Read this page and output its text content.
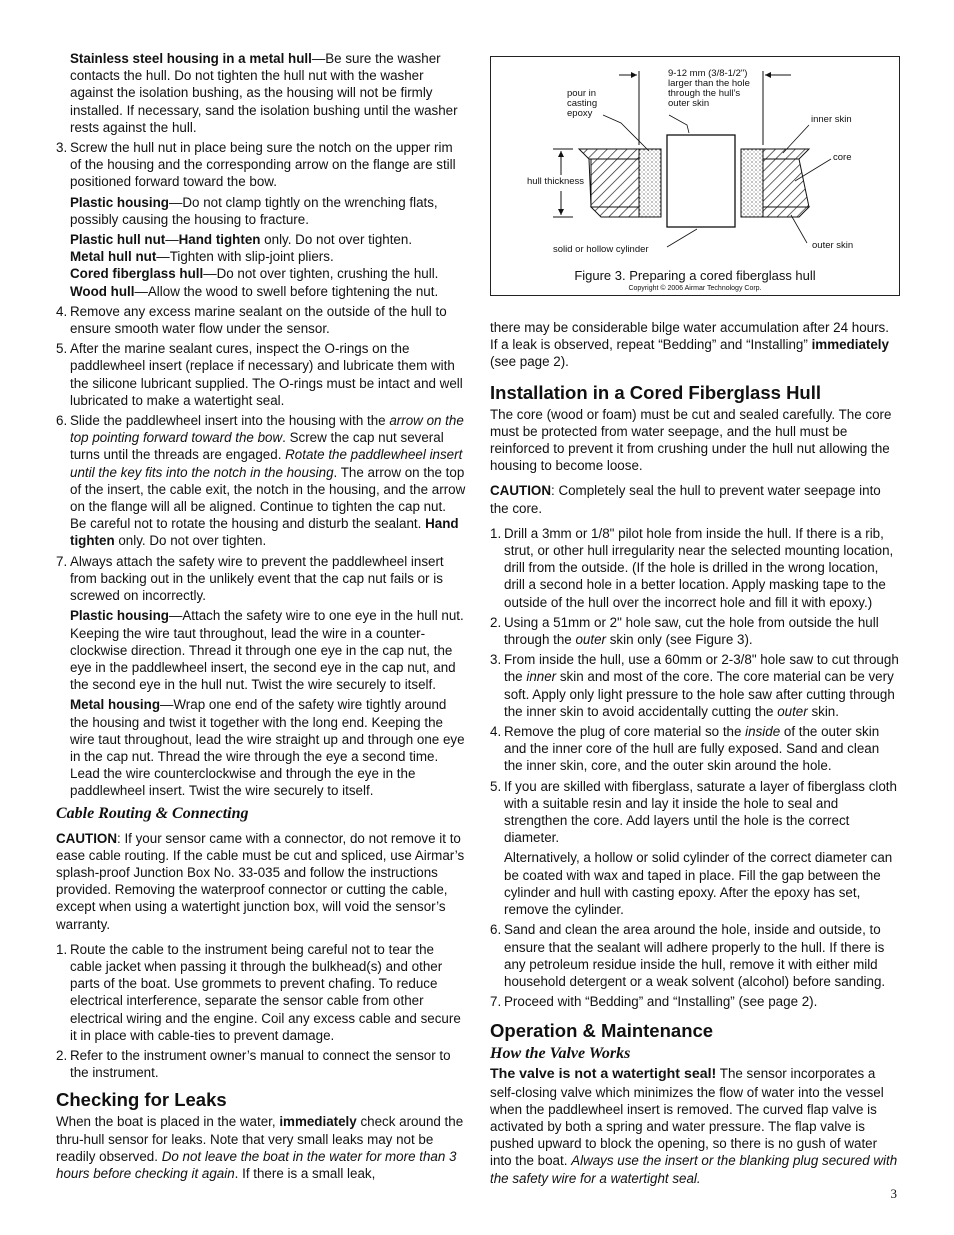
Stainless steel housing in a metal hull—Be sure the washer contacts the hull. Do not tighten the hull nut with the washer against the isolation bushing, as the housing will not be firmly installed. If necessary, sand the isolation bushing until the washer rests against the hull.

3. Screw the hull nut in place being sure the notch on the upper rim of the housing and the corresponding arrow on the flange are still positioned forward toward the bow.

Plastic housing—Do not clamp tightly on the wrenching flats, possibly causing the housing to fracture.

Plastic hull nut—Hand tighten only. Do not over tighten.

Metal hull nut—Tighten with slip-joint pliers.

Cored fiberglass hull—Do not over tighten, crushing the hull.

Wood hull—Allow the wood to swell before tightening the nut.

4. Remove any excess marine sealant on the outside of the hull to ensure smooth water flow under the sensor.
5. After the marine sealant cures, inspect the O-rings on the paddlewheel insert (replace if necessary) and lubricate them with the silicone lubricant supplied. The O-rings must be intact and well lubricated to make a watertight seal.
6. Slide the paddlewheel insert into the housing with the arrow on the top pointing forward toward the bow. Screw the cap nut several turns until the threads are engaged. Rotate the paddlewheel insert until the key fits into the notch in the housing. The arrow on the top of the insert, the cable exit, the notch in the housing, and the arrow on the flange will all be aligned. Continue to tighten the cap nut. Be careful not to rotate the housing and disturb the sealant. Hand tighten only. Do not over tighten.
7. Always attach the safety wire to prevent the paddlewheel insert from backing out in the unlikely event that the cap nut fails or is screwed on incorrectly.

Plastic housing—Attach the safety wire to one eye in the hull nut. Keeping the wire taut throughout, lead the wire in a counter-clockwise direction. Thread it through one eye in the cap nut, the eye in the paddlewheel insert, the second eye in the cap nut, and the second eye in the hull nut. Twist the wire securely to itself.

Metal housing—Wrap one end of the safety wire tightly around the housing and twist it together with the long end. Keeping the wire taut throughout, lead the wire straight up and through one eye in the cap nut. Thread the wire through the eye a second time. Lead the wire counterclockwise and through the eye in the paddlewheel insert. Twist the wire securely to itself.

Cable Routing & Connecting

CAUTION: If your sensor came with a connector, do not remove it to ease cable routing. If the cable must be cut and spliced, use Airmar’s splash-proof Junction Box No. 33-035 and follow the instructions provided. Removing the waterproof connector or cutting the cable, except when using a watertight junction box, will void the sensor’s warranty.

1. Route the cable to the instrument being careful not to tear the cable jacket when passing it through the bulkhead(s) and other parts of the boat. Use grommets to prevent chafing. To reduce electrical interference, separate the sensor cable from other electrical wiring and the engine. Coil any excess cable and secure it in place with cable-ties to prevent damage.
2. Refer to the instrument owner’s manual to connect the sensor to the instrument.
Checking for Leaks

When the boat is placed in the water, immediately check around the thru-hull sensor for leaks. Note that very small leaks may not be readily observed. Do not leave the boat in the water for more than 3 hours before checking it again. If there is a small leak,

pour in casting epoxy
9-12 mm (3/8-1/2") larger than the hole through the hull’s outer skin
inner skin
core
hull thickness
solid or hollow cylinder	outer skin
Figure 3. Preparing a cored fiberglass hull
Copyright © 2006 Airmar Technology Corp.

there may be considerable bilge water accumulation after 24 hours. If a leak is observed, repeat “Bedding” and “Installing” immediately (see page 2).

Installation in a Cored Fiberglass Hull

The core (wood or foam) must be cut and sealed carefully. The core must be protected from water seepage, and the hull must be reinforced to prevent it from crushing under the hull nut allowing the housing to become loose.

CAUTION: Completely seal the hull to prevent water seepage into the core.

1. Drill a 3mm or 1/8" pilot hole from inside the hull. If there is a rib, strut, or other hull irregularity near the selected mounting location, drill from the outside. (If the hole is drilled in the wrong location, drill a second hole in a better location. Apply masking tape to the outside of the hull over the incorrect hole and fill it with epoxy.)
2. Using a 51mm or 2" hole saw, cut the hole from outside the hull through the outer skin only (see Figure 3).
3. From inside the hull, use a 60mm or 2-3/8" hole saw to cut through the inner skin and most of the core. The core material can be very soft. Apply only light pressure to the hole saw after cutting through the inner skin to avoid accidentally cutting the outer skin.
4. Remove the plug of core material so the inside of the outer skin and the inner core of the hull are fully exposed. Sand and clean the inner skin, core, and the outer skin around the hole.
5. If you are skilled with fiberglass, saturate a layer of fiberglass cloth with a suitable resin and lay it inside the hole to seal and strengthen the core. Add layers until the hole is the correct diameter.

Alternatively, a hollow or solid cylinder of the correct diameter can be coated with wax and taped in place. Fill the gap between the cylinder and hull with casting epoxy. After the epoxy has set, remove the cylinder.

6. Sand and clean the area around the hole, inside and outside, to ensure that the sealant will adhere properly to the hull. If there is any petroleum residue inside the hull, remove it with either mild household detergent or a weak solvent (alcohol) before sanding.
7. Proceed with “Bedding” and “Installing” (see page 2).
Operation & Maintenance
How the Valve Works

The valve is not a watertight seal! The sensor incorporates a self-closing valve which minimizes the flow of water into the vessel when the paddlewheel insert is removed. The curved flap valve is activated by both a spring and water pressure. The flap valve is pushed upward to block the opening, so there is no gush of water into the boat. Always use the insert or the blanking plug secured with the safety wire for a watertight seal.

3
